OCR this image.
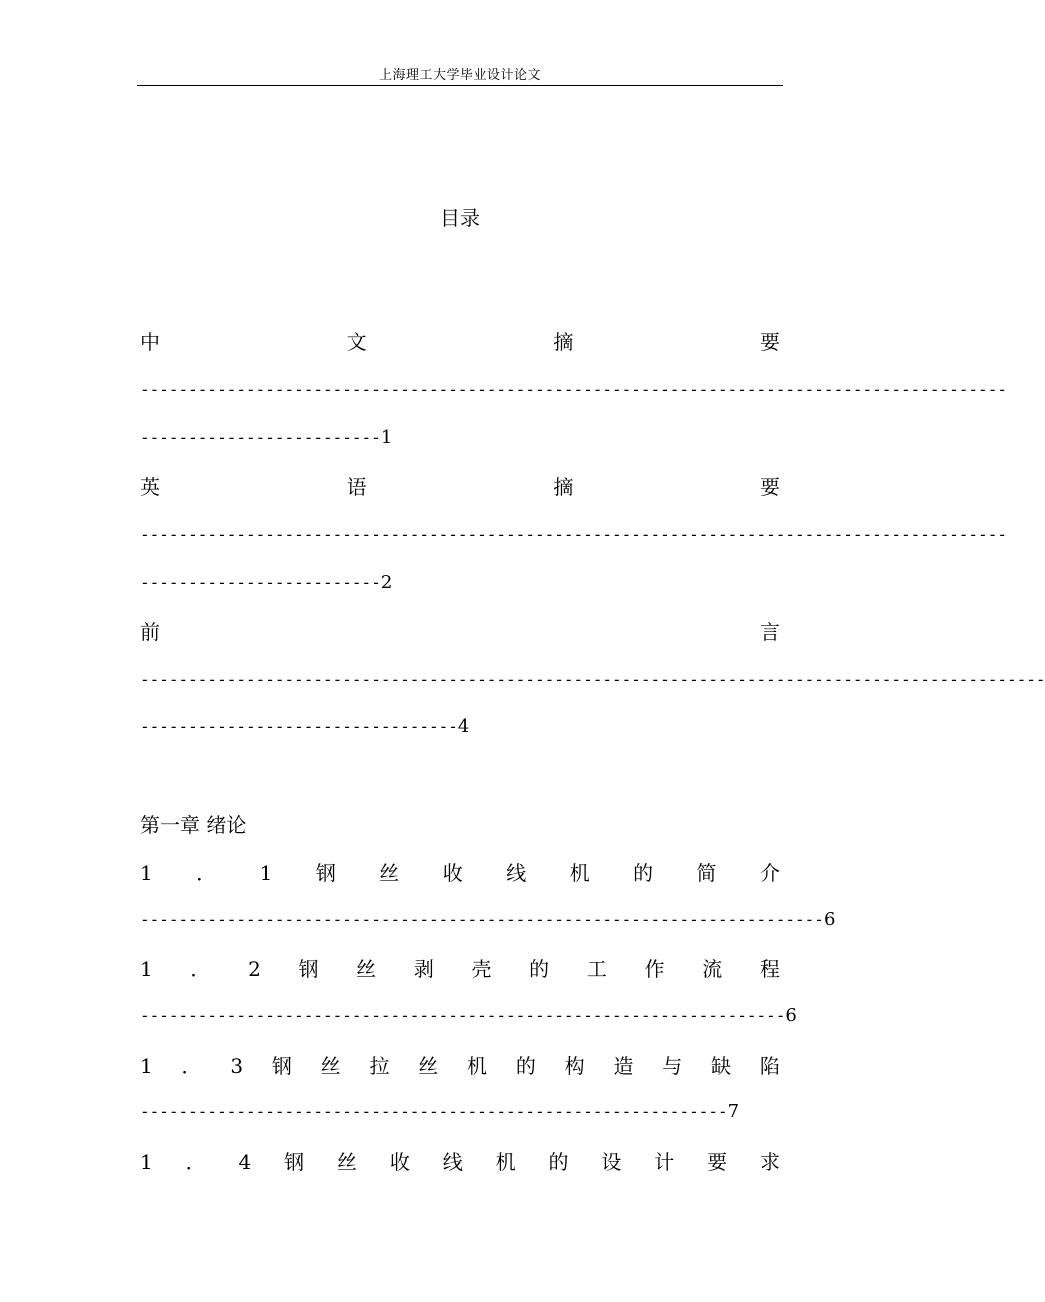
上海理工大学毕业设计论文
目录
中	文	摘	要
------------------------------------------------------------------------------------------
-------------------------1
英	语	摘	要
------------------------------------------------------------------------------------------
-------------------------2
前	言
----------------------------------------------------------------------------------------------
---------------------------------4
第一章 绪论
1 ． 1 钢 丝 收 线 机 的 简 介
-----------------------------------------------------------------------6
1 ． 2 钢 丝 剥 壳 的 工 作 流 程
-------------------------------------------------------------------6
1 ． 3 钢 丝 拉 丝 机 的 构 造 与 缺 陷
-------------------------------------------------------------7
1 ． 4 钢 丝 收 线 机 的 设 计 要 求
